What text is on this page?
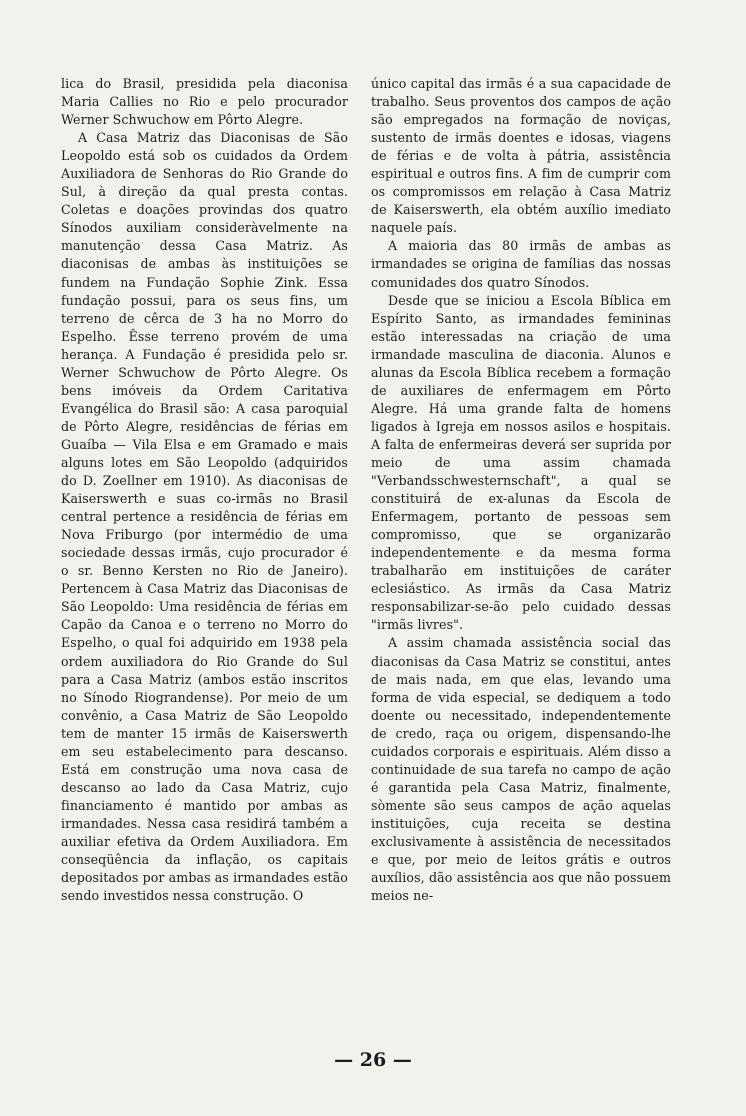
lica do Brasil, presidida pela diaconisa Maria Callies no Rio e pelo procurador Werner Schwuchow em Pôrto Alegre.

A Casa Matriz das Diaconisas de São Leopoldo está sob os cuidados da Ordem Auxiliadora de Senhoras do Rio Grande do Sul, à direção da qual presta contas. Coletas e doações provindas dos quatro Sínodos auxiliam consideràvelmente na manutenção dessa Casa Matriz. As diaconisas de ambas às instituições se fundem na Fundação Sophie Zink. Essa fundação possui, para os seus fins, um terreno de cêrca de 3 ha no Morro do Espelho. Êsse terreno provém de uma herança. A Fundação é presidida pelo sr. Werner Schwuchow de Pôrto Alegre. Os bens imóveis da Ordem Caritativa Evangélica do Brasil são: A casa paroquial de Pôrto Alegre, residências de férias em Guaíba — Vila Elsa e em Gramado e mais alguns lotes em São Leopoldo (adquiridos do D. Zoellner em 1910). As diaconisas de Kaiserswerth e suas co-irmãs no Brasil central pertence a residência de férias em Nova Friburgo (por intermédio de uma sociedade dessas irmãs, cujo procurador é o sr. Benno Kersten no Rio de Janeiro). Pertencem à Casa Matriz das Diaconisas de São Leopoldo: Uma residência de férias em Capão da Canoa e o terreno no Morro do Espelho, o qual foi adquirido em 1938 pela ordem auxiliadora do Rio Grande do Sul para a Casa Matriz (ambos estão inscritos no Sínodo Riograndense). Por meio de um convênio, a Casa Matriz de São Leopoldo tem de manter 15 irmãs de Kaiserswerth em seu estabelecimento para descanso. Está em construção uma nova casa de descanso ao lado da Casa Matriz, cujo financiamento é mantido por ambas as irmandades. Nessa casa residirá também a auxiliar efetiva da Ordem Auxiliadora. Em conseqüência da inflação, os capitais depositados por ambas as irmandades estão sendo investidos nessa construção. O

único capital das irmãs é a sua capacidade de trabalho. Seus proventos dos campos de ação são empregados na formação de noviças, sustento de irmãs doentes e idosas, viagens de férias e de volta à pátria, assistência espiritual e outros fins. A fim de cumprir com os compromissos em relação à Casa Matriz de Kaiserswerth, ela obtém auxílio imediato naquele país.

A maioria das 80 irmãs de ambas as irmandades se origina de famílias das nossas comunidades dos quatro Sínodos.

Desde que se iniciou a Escola Bíblica em Espírito Santo, as irmandades femininas estão interessadas na criação de uma irmandade masculina de diaconia. Alunos e alunas da Escola Bíblica recebem a formação de auxiliares de enfermagem em Pôrto Alegre. Há uma grande falta de homens ligados à Igreja em nossos asilos e hospitais. A falta de enfermeiras deverá ser suprida por meio de uma assim chamada "Verbandsschwesternschaft", a qual se constituirá de ex-alunas da Escola de Enfermagem, portanto de pessoas sem compromisso, que se organizarão independentemente e da mesma forma trabalharão em instituições de caráter eclesiástico. As irmãs da Casa Matriz responsabilizar-se-ão pelo cuidado dessas "irmãs livres".

A assim chamada assistência social das diaconisas da Casa Matriz se constitui, antes de mais nada, em que elas, levando uma forma de vida especial, se dediquem a todo doente ou necessitado, independentemente de credo, raça ou origem, dispensando-lhe cuidados corporais e espirituais. Além disso a continuidade de sua tarefa no campo de ação é garantida pela Casa Matriz, finalmente, sòmente são seus campos de ação aquelas instituições, cuja receita se destina exclusivamente à assistência de necessitados e que, por meio de leitos grátis e outros auxílios, dão assistência aos que não possuem meios ne-

— 26 —
